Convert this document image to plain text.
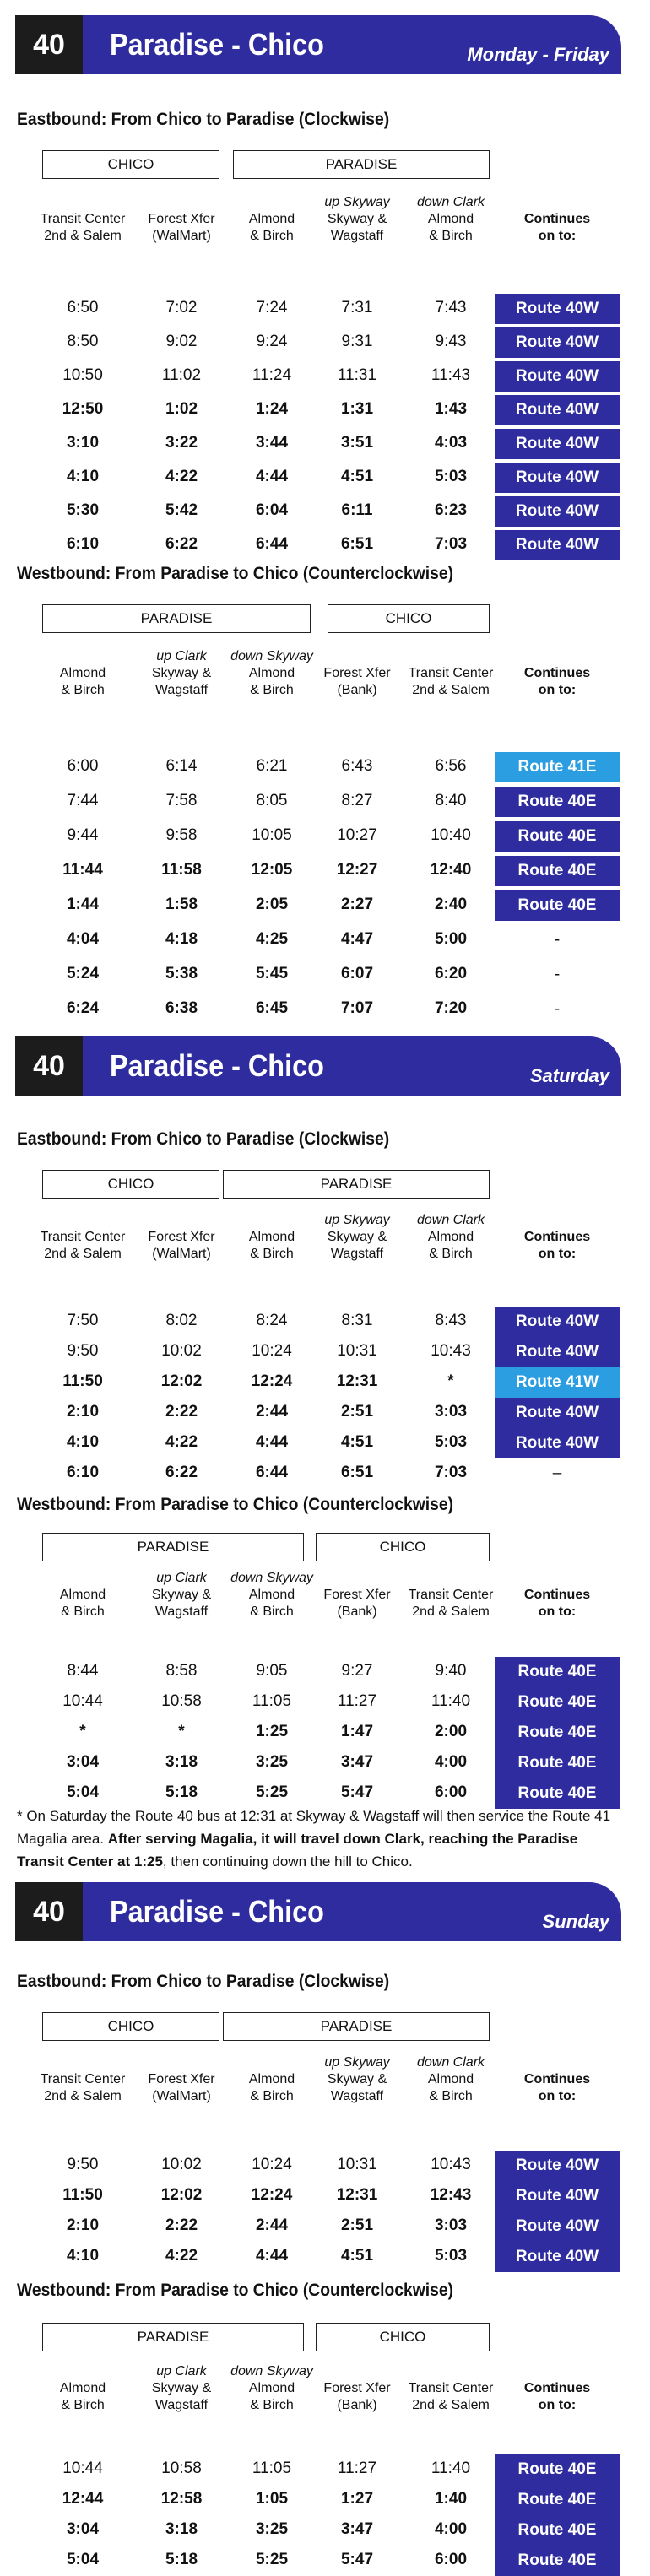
40	Paradise - Chico	Monday - Friday
Eastbound: From Chico to Paradise (Clockwise)
CHICO	PARADISE

Transit Center
2nd & Salem

Forest Xfer
(WalMart)

Almond
& Birch
up Skyway
Skyway &
Wagstaff
down Clark
Almond
& Birch

Continues
on to:
6:50	7:02	7:24	7:31	7:43	Route 40W
8:50	9:02	9:24	9:31	9:43	Route 40W
10:50	11:02	11:24	11:31	11:43	Route 40W
12:50	1:02	1:24	1:31	1:43	Route 40W
3:10	3:22	3:44	3:51	4:03	Route 40W
4:10	4:22	4:44	4:51	5:03	Route 40W
5:30	5:42	6:04	6:11	6:23	Route 40W
6:10	6:22	6:44	6:51	7:03	Route 40W
Westbound: From Paradise to Chico (Counterclockwise)
PARADISE	CHICO

Almond
& Birch
up Clark
Skyway &
Wagstaff
down Skyway
Almond
& Birch

Forest Xfer
(Bank)

Transit Center
2nd & Salem

Continues
on to:
6:00	6:14	6:21	6:43	6:56	Route 41E
7:44	7:58	8:05	8:27	8:40	Route 40E
9:44	9:58	10:05	10:27	10:40	Route 40E
11:44	11:58	12:05	12:27	12:40	Route 40E
1:44	1:58	2:05	2:27	2:40	Route 40E
4:04	4:18	4:25	4:47	5:00	-
5:24	5:38	5:45	6:07	6:20	-
6:24	6:38	6:45	7:07	7:20	-
40	Paradise - Chico	Saturday
Eastbound: From Chico to Paradise (Clockwise)
CHICO	PARADISE

Transit Center
2nd & Salem

Forest Xfer
(WalMart)

Almond
& Birch
up Skyway
Skyway &
Wagstaff
down Clark
Almond
& Birch

Continues
on to:
7:50	8:02	8:24	8:31	8:43	Route 40W
9:50	10:02	10:24	10:31	10:43	Route 40W
11:50	12:02	12:24	12:31	*	Route 41W
2:10	2:22	2:44	2:51	3:03	Route 40W
4:10	4:22	4:44	4:51	5:03	Route 40W
6:10	6:22	6:44	6:51	7:03	–
Westbound: From Paradise to Chico (Counterclockwise)
PARADISE	CHICO

Almond
& Birch
up Clark
Skyway &
Wagstaff
down Skyway
Almond
& Birch

Forest Xfer
(Bank)

Transit Center
2nd & Salem

Continues
on to:
8:44	8:58	9:05	9:27	9:40	Route 40E
10:44	10:58	11:05	11:27	11:40	Route 40E
*	*	1:25	1:47	2:00	Route 40E
3:04	3:18	3:25	3:47	4:00	Route 40E
5:04	5:18	5:25	5:47	6:00	Route 40E
* On Saturday the Route 40 bus at 12:31 at Skyway & Wagstaff will then service the Route 41 Magalia area. After serving Magalia, it will travel down Clark, reaching the Paradise Transit Center at 1:25, then continuing down the hill to Chico.
40	Paradise - Chico	Sunday
Eastbound: From Chico to Paradise (Clockwise)
CHICO	PARADISE

Transit Center
2nd & Salem

Forest Xfer
(WalMart)

Almond
& Birch
up Skyway
Skyway &
Wagstaff
down Clark
Almond
& Birch

Continues
on to:
9:50	10:02	10:24	10:31	10:43	Route 40W
11:50	12:02	12:24	12:31	12:43	Route 40W
2:10	2:22	2:44	2:51	3:03	Route 40W
4:10	4:22	4:44	4:51	5:03	Route 40W
Westbound: From Paradise to Chico (Counterclockwise)
PARADISE	CHICO

Almond
& Birch
up Clark
Skyway &
Wagstaff
down Skyway
Almond
& Birch

Forest Xfer
(Bank)

Transit Center
2nd & Salem

Continues
on to:
10:44	10:58	11:05	11:27	11:40	Route 40E
12:44	12:58	1:05	1:27	1:40	Route 40E
3:04	3:18	3:25	3:47	4:00	Route 40E
5:04	5:18	5:25	5:47	6:00	Route 40E
